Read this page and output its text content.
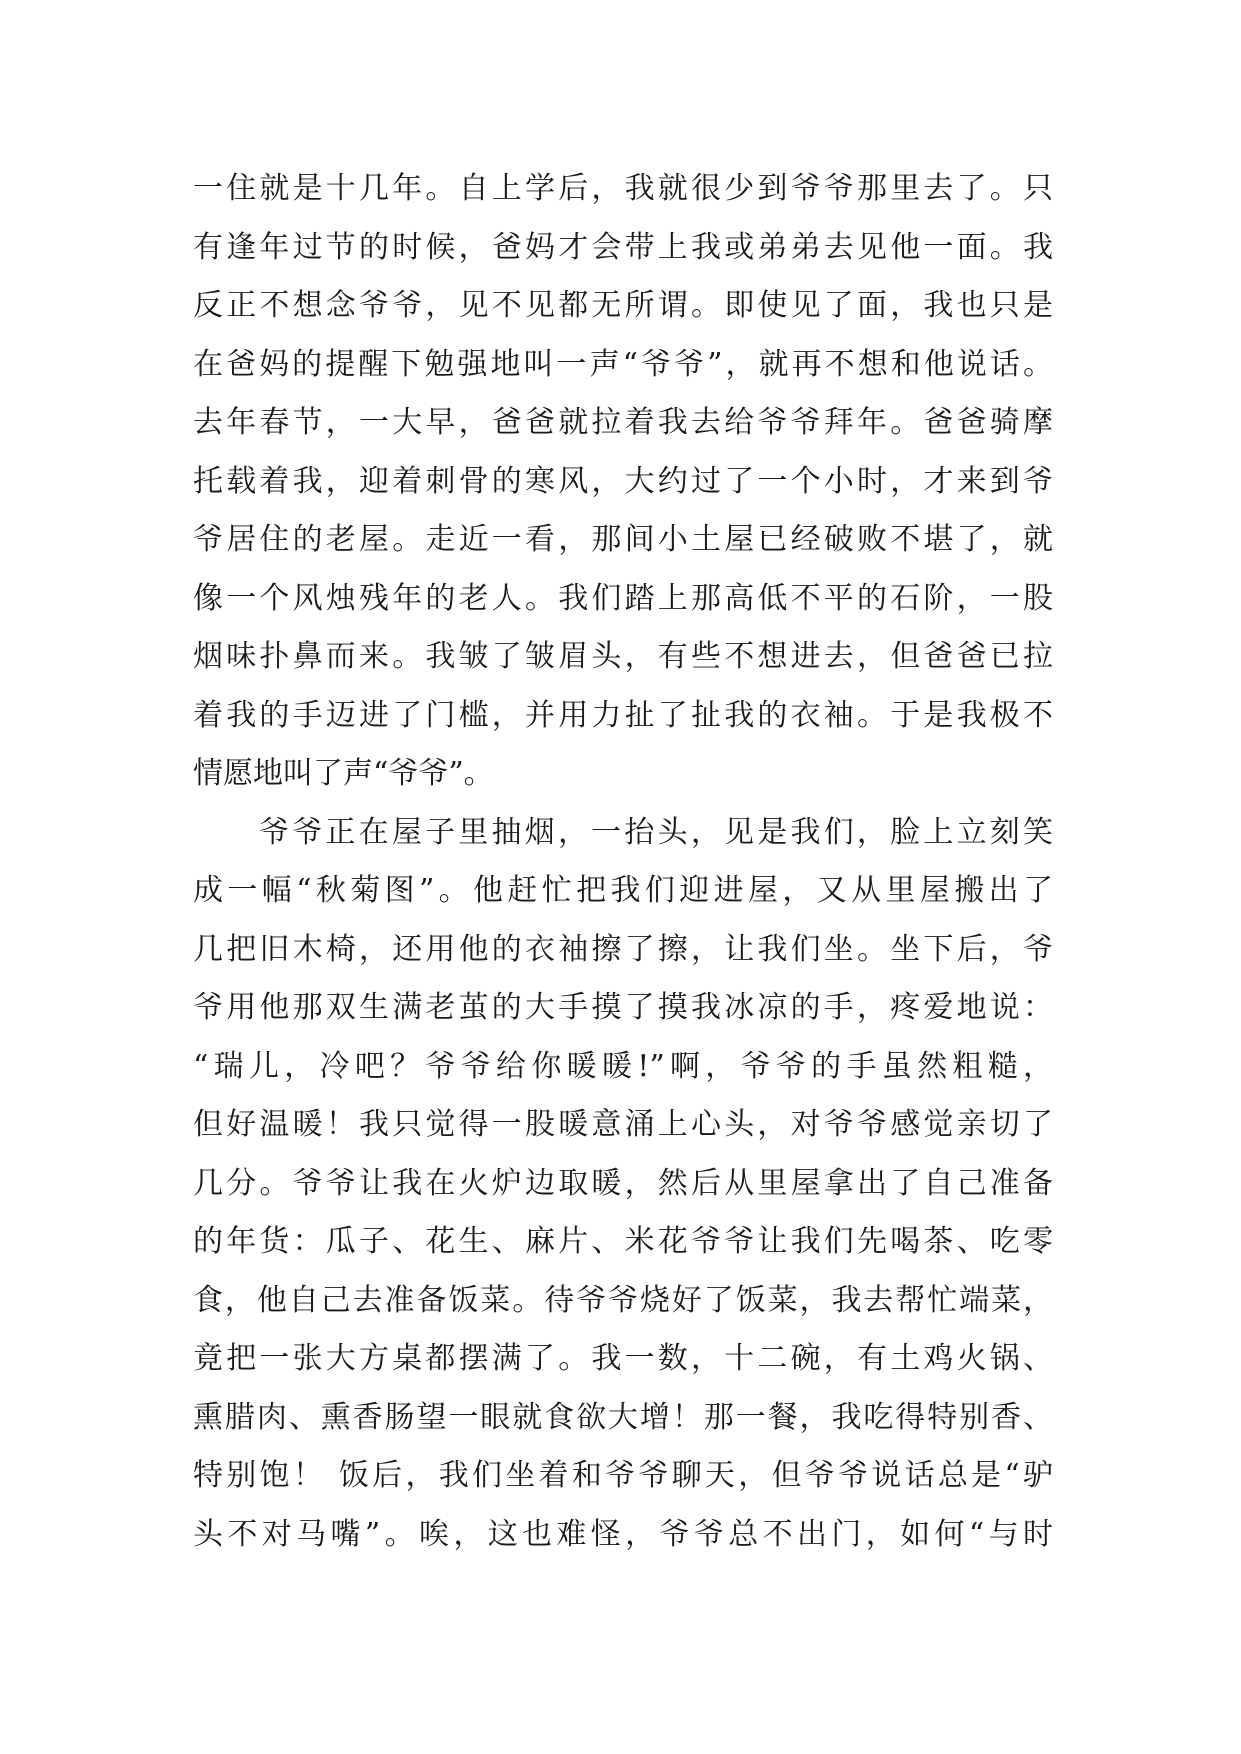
一住就是十几年。自上学后，我就很少到爷爷那里去了。只
有逢年过节的时候，爸妈才会带上我或弟弟去见他一面。我
反正不想念爷爷，见不见都无所谓。即使见了面，我也只是
在爸妈的提醒下勉强地叫一声“爷爷”，就再不想和他说话。
去年春节，一大早，爸爸就拉着我去给爷爷拜年。爸爸骑摩
托载着我，迎着刺骨的寒风，大约过了一个小时，才来到爷
爷居住的老屋。走近一看，那间小土屋已经破败不堪了，就
像一个风烛残年的老人。我们踏上那高低不平的石阶，一股
烟味扑鼻而来。我皱了皱眉头，有些不想进去，但爸爸已拉
着我的手迈进了门槛，并用力扯了扯我的衣袖。于是我极不
情愿地叫了声“爷爷”。
爷爷正在屋子里抽烟，一抬头，见是我们，脸上立刻笑
成一幅“秋菊图”。他赶忙把我们迎进屋，又从里屋搬出了
几把旧木椅，还用他的衣袖擦了擦，让我们坐。坐下后，爷
爷用他那双生满老茧的大手摸了摸我冰凉的手，疼爱地说：
“瑞儿，冷吧？爷爷给你暖暖!”啊，爷爷的手虽然粗糙，
但好温暖！我只觉得一股暖意涌上心头，对爷爷感觉亲切了
几分。爷爷让我在火炉边取暖，然后从里屋拿出了自己准备
的年货：瓜子、花生、麻片、米花爷爷让我们先喝茶、吃零
食，他自己去准备饭菜。待爷爷烧好了饭菜，我去帮忙端菜，
竟把一张大方桌都摆满了。我一数，十二碗，有土鸡火锅、
熏腊肉、熏香肠望一眼就食欲大增！那一餐，我吃得特别香、
特别饱！ 饭后，我们坐着和爷爷聊天，但爷爷说话总是“驴
头不对马嘴”。唉，这也难怪，爷爷总不出门，如何“与时
